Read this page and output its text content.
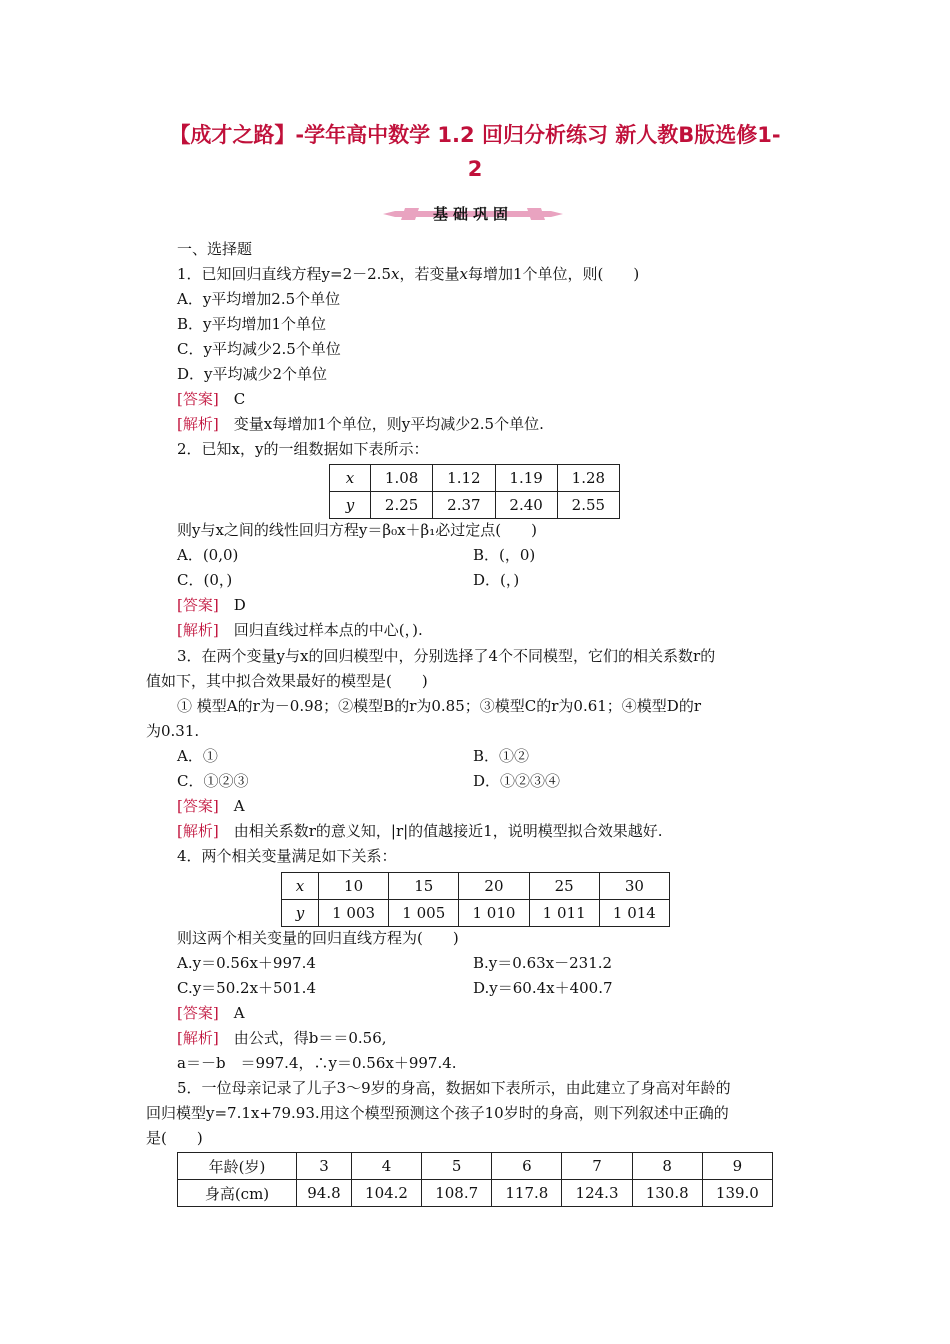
【成才之路】-学年高中数学 1.2 回归分析练习 新人教B版选修1-
2
基础巩固
一、选择题
1．已知回归直线方程y=2－2.5x，若变量x每增加1个单位，则(　　)
A．y平均增加2.5个单位
B．y平均增加1个单位
C．y平均减少2.5个单位
D．y平均减少2个单位
[答案]　 C
[解析]　 变量x每增加1个单位，则y平均减少2.5个单位.
2．已知x，y的一组数据如下表所示：
x	1.08	1.12	1.19	1.28
y	2.25	2.37	2.40	2.55
则y与x之间的线性回归方程y＝β₀x＋β₁必过定点(　　)
A．(0,0)	B．(，0)
C．(0，)	D．(，)
[答案]　 D
[解析]　 回归直线过样本点的中心(，).
3．在两个变量y与x的回归模型中，分别选择了4个不同模型，它们的相关系数r的
值如下，其中拟合效果最好的模型是(　　)
① 模型A的r为－0.98；②模型B的r为0.85；③模型C的r为0.61；④模型D的r
为0.31.
A．①	B．①②
C．①②③	D．①②③④
[答案]　 A
[解析]　 由相关系数r的意义知，|r|的值越接近1，说明模型拟合效果越好.
4．两个相关变量满足如下关系：
x	10	15	20	25	30
y	1 003	1 005	1 010	1 011	1 014
则这两个相关变量的回归直线方程为(　　)
A.y＝0.56x＋997.4	B.y＝0.63x－231.2
C.y＝50.2x＋501.4	D.y＝60.4x＋400.7
[答案]　 A
[解析]　 由公式，得b＝＝0.56,
a＝－b　＝997.4，∴y＝0.56x＋997.4.
5．一位母亲记录了儿子3～9岁的身高，数据如下表所示，由此建立了身高对年龄的
回归模型y=7.1x+79.93.用这个模型预测这个孩子10岁时的身高，则下列叙述中正确的
是(　　)
年龄(岁)	3	4	5	6	7	8	9
身高(cm)	94.8	104.2	108.7	117.8	124.3	130.8	139.0
